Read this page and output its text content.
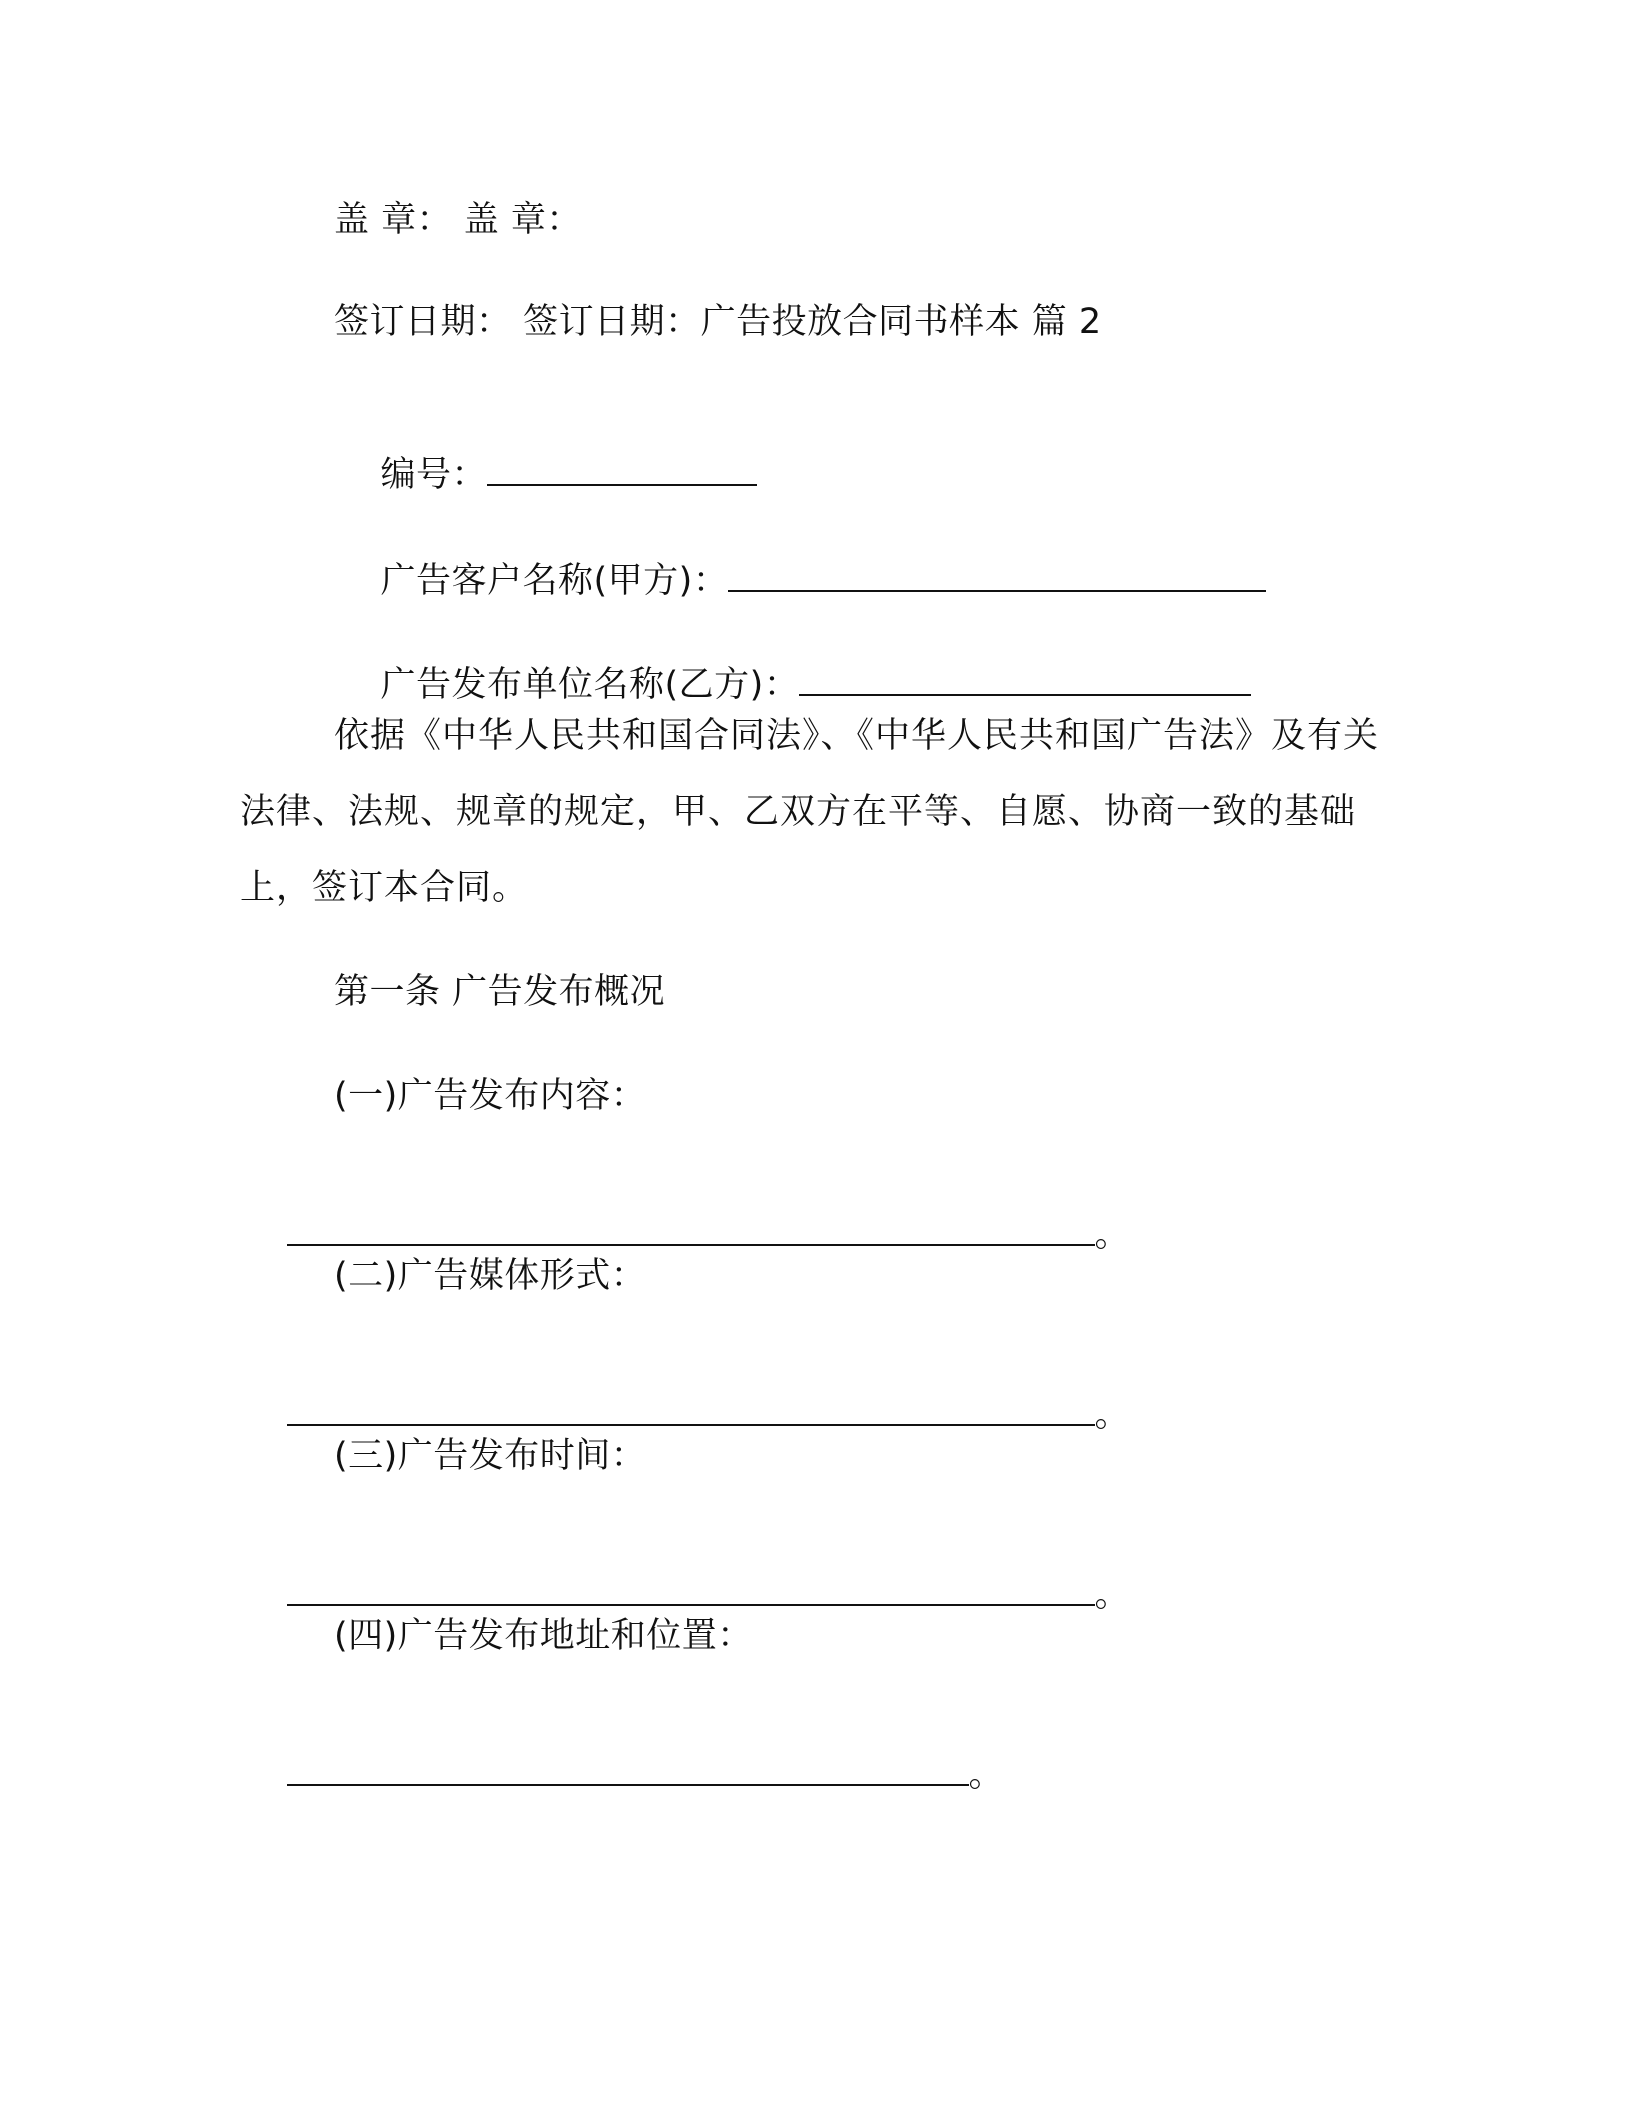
盖 章： 盖 章：
签订日期： 签订日期：广告投放合同书样本 篇 2

编号：

广告客户名称(甲方)：

广告发布单位名称(乙方)：

依据《中华人民共和国合同法》、《中华人民共和国广告法》及有关法律、法规、规章的规定，甲、乙双方在平等、自愿、协商一致的基础上，签订本合同。
第一条 广告发布概况
(一)广告发布内容：

。

(二)广告媒体形式：

。

(三)广告发布时间：

。

(四)广告发布地址和位置：

。
